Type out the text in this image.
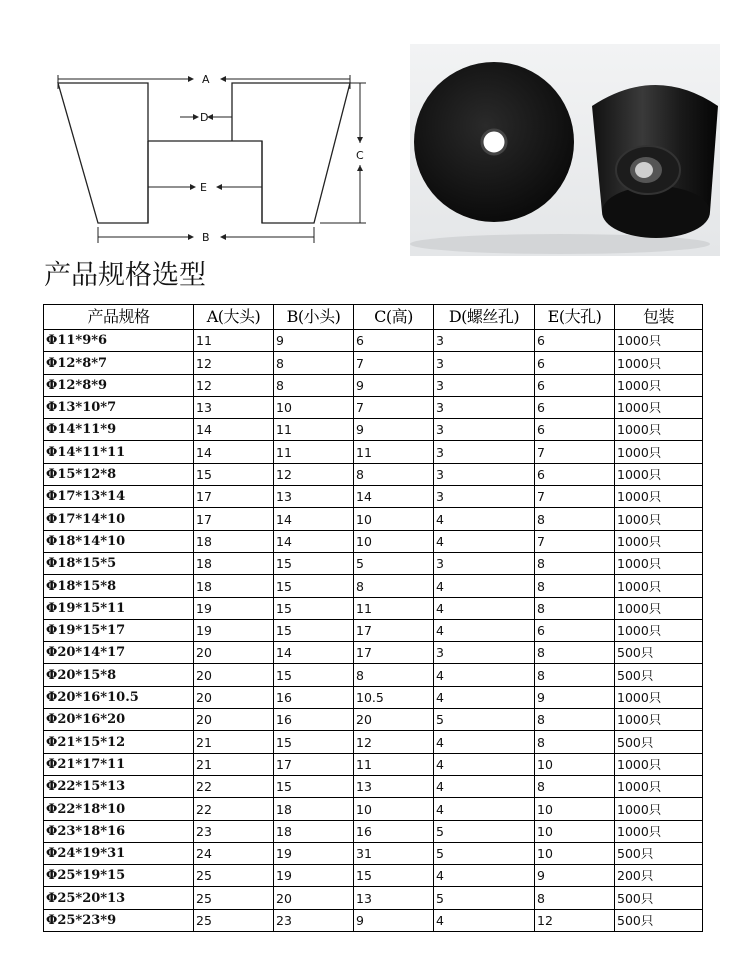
A
D
E
B
C
产品规格选型
产品规格	A(大头)	B(小头)	C(高)	D(螺丝孔)	E(大孔)	包装
Φ11*9*6	11	9	6	3	6	1000只
Φ12*8*7	12	8	7	3	6	1000只
Φ12*8*9	12	8	9	3	6	1000只
Φ13*10*7	13	10	7	3	6	1000只
Φ14*11*9	14	11	9	3	6	1000只
Φ14*11*11	14	11	11	3	7	1000只
Φ15*12*8	15	12	8	3	6	1000只
Φ17*13*14	17	13	14	3	7	1000只
Φ17*14*10	17	14	10	4	8	1000只
Φ18*14*10	18	14	10	4	7	1000只
Φ18*15*5	18	15	5	3	8	1000只
Φ18*15*8	18	15	8	4	8	1000只
Φ19*15*11	19	15	11	4	8	1000只
Φ19*15*17	19	15	17	4	6	1000只
Φ20*14*17	20	14	17	3	8	500只
Φ20*15*8	20	15	8	4	8	500只
Φ20*16*10.5	20	16	10.5	4	9	1000只
Φ20*16*20	20	16	20	5	8	1000只
Φ21*15*12	21	15	12	4	8	500只
Φ21*17*11	21	17	11	4	10	1000只
Φ22*15*13	22	15	13	4	8	1000只
Φ22*18*10	22	18	10	4	10	1000只
Φ23*18*16	23	18	16	5	10	1000只
Φ24*19*31	24	19	31	5	10	500只
Φ25*19*15	25	19	15	4	9	200只
Φ25*20*13	25	20	13	5	8	500只
Φ25*23*9	25	23	9	4	12	500只
